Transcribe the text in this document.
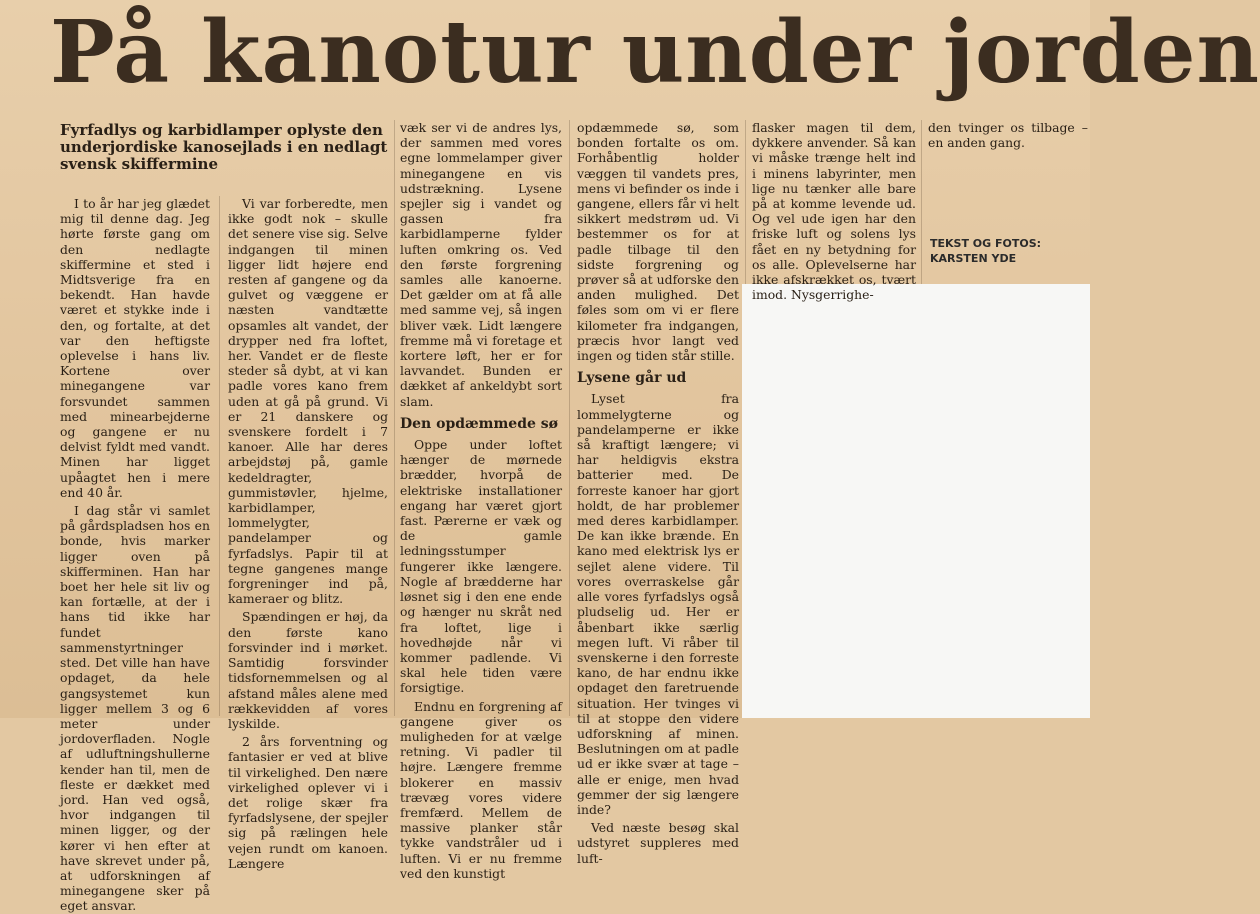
På kanotur under jorden
Fyrfadlys og karbidlamper oplyste den underjordiske kanosejlads i en nedlagt svensk skiffermine

I to år har jeg glædet mig til denne dag. Jeg hørte første gang om den nedlagte skiffermine et sted i Midtsverige fra en bekendt. Han havde været et stykke inde i den, og fortalte, at det var den heftigste oplevelse i hans liv. Kortene over minegangene var forsvundet sammen med minearbejderne og gangene er nu delvist fyldt med vandt. Minen har ligget upåagtet hen i mere end 40 år.

I dag står vi samlet på gårdspladsen hos en bonde, hvis marker ligger oven på skifferminen. Han har boet her hele sit liv og kan fortælle, at der i hans tid ikke har fundet sammenstyrtninger sted. Det ville han have opdaget, da hele gangsystemet kun ligger mellem 3 og 6 meter under jordoverfladen. Nogle af udluftningshullerne kender han til, men de fleste er dækket med jord. Han ved også, hvor indgangen til minen ligger, og der kører vi hen efter at have skrevet under på, at udforskningen af minegangene sker på eget ansvar.

Vi var forberedte, men ikke godt nok – skulle det senere vise sig. Selve indgangen til minen ligger lidt højere end resten af gangene og da gulvet og væggene er næsten vandtætte opsamles alt vandet, der drypper ned fra loftet, her. Vandet er de fleste steder så dybt, at vi kan padle vores kano frem uden at gå på grund. Vi er 21 danskere og svenskere fordelt i 7 kanoer. Alle har deres arbejdstøj på, gamle kedeldragter, gummistøvler, hjelme, karbidlamper, lommelygter, pandelamper og fyrfadslys. Papir til at tegne gangenes mange forgreninger ind på, kameraer og blitz.

Spændingen er høj, da den første kano forsvinder ind i mørket. Samtidig forsvinder tidsfornemmelsen og al afstand måles alene med rækkevidden af vores lyskilde.

2 års forventning og fantasier er ved at blive til virkelighed. Den nære virkelighed oplever vi i det rolige skær fra fyrfadslysene, der spejler sig på rælingen hele vejen rundt om kanoen. Længere

væk ser vi de andres lys, der sammen med vores egne lommelamper giver minegangene en vis udstrækning. Lysene spejler sig i vandet og gassen fra karbidlamperne fylder luften omkring os. Ved den første forgrening samles alle kanoerne. Det gælder om at få alle med samme vej, så ingen bliver væk. Lidt længere fremme må vi foretage et kortere løft, her er for lavvandet. Bunden er dækket af ankeldybt sort slam.

Den opdæmmede sø

Oppe under loftet hænger de mørnede brædder, hvorpå de elektriske installationer engang har været gjort fast. Pærerne er væk og de gamle ledningsstumper fungerer ikke længere. Nogle af brædderne har løsnet sig i den ene ende og hænger nu skråt ned fra loftet, lige i hovedhøjde når vi kommer padlende. Vi skal hele tiden være forsigtige.

Endnu en forgrening af gangene giver os muligheden for at vælge retning. Vi padler til højre. Længere fremme blokerer en massiv trævæg vores videre fremfærd. Mellem de massive planker står tykke vandstråler ud i luften. Vi er nu fremme ved den kunstigt

opdæmmede sø, som bonden fortalte os om. Forhåbentlig holder væggen til vandets pres, mens vi befinder os inde i gangene, ellers får vi helt sikkert medstrøm ud. Vi bestemmer os for at padle tilbage til den sidste forgrening og prøver så at udforske den anden mulighed. Det føles som om vi er flere kilometer fra indgangen, præcis hvor langt ved ingen og tiden står stille.

Lysene går ud

Lyset fra lommelygterne og pandelamperne er ikke så kraftigt længere; vi har heldigvis ekstra batterier med. De forreste kanoer har gjort holdt, de har problemer med deres karbidlamper. De kan ikke brænde. En kano med elektrisk lys er sejlet alene videre. Til vores overraskelse går alle vores fyrfadslys også pludselig ud. Her er åbenbart ikke særlig megen luft. Vi råber til svenskerne i den forreste kano, de har endnu ikke opdaget den faretruende situation. Her tvinges vi til at stoppe den videre udforskning af minen. Beslutningen om at padle ud er ikke svær at tage – alle er enige, men hvad gemmer der sig længere inde?

Ved næste besøg skal udstyret suppleres med luft-

flasker magen til dem, dykkere anvender. Så kan vi måske trænge helt ind i minens labyrinter, men lige nu tænker alle bare på at komme levende ud. Og vel ude igen har den friske luft og solens lys fået en ny betydning for os alle. Oplevelserne har ikke afskrækket os, tvært imod. Nysgerrighe-

den tvinger os tilbage – en anden gang.

TEKST OG FOTOS:
KARSTEN YDE
